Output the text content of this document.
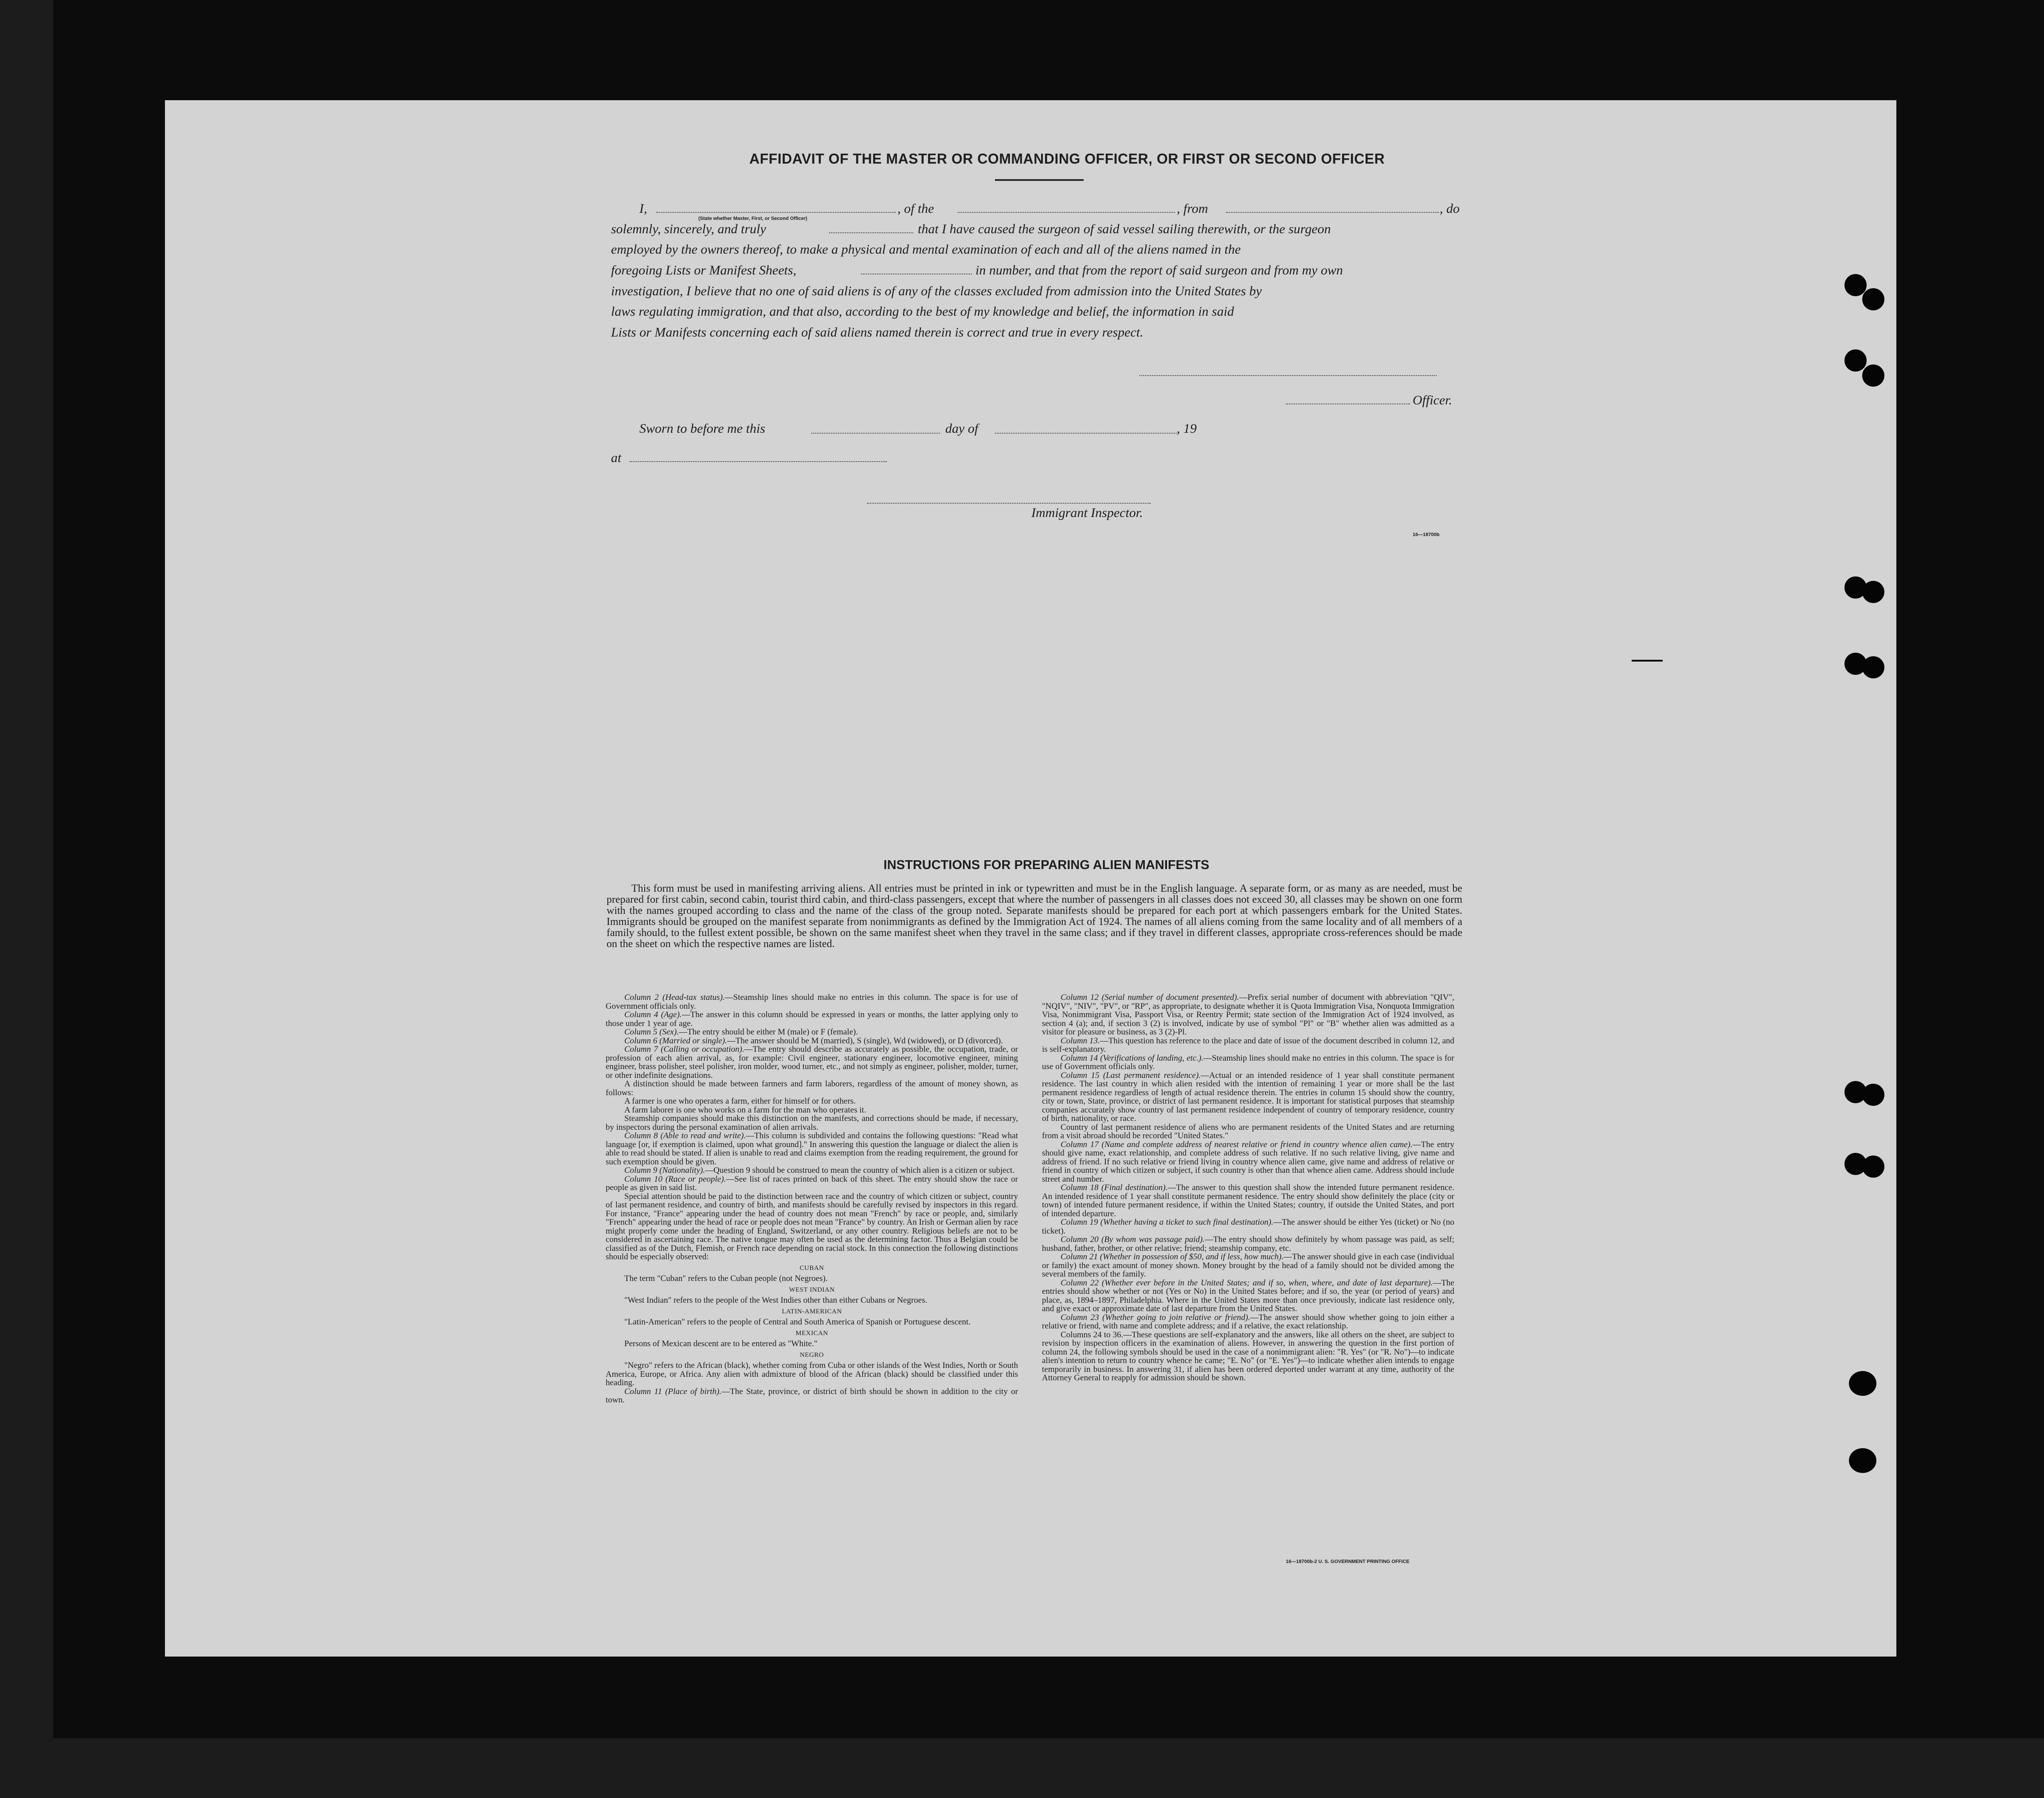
AFFIDAVIT OF THE MASTER OR COMMANDING OFFICER, OR FIRST OR SECOND OFFICER
I,
(State whether Master, First, or Second Officer)
, of the	, from	, do
solemnly, sincerely, and truly	that I have caused the surgeon of said vessel sailing therewith, or the surgeon
employed by the owners thereof, to make a physical and mental examination of each and all of the aliens named in the
foregoing Lists or Manifest Sheets,	in number, and that from the report of said surgeon and from my own
investigation, I believe that no one of said aliens is of any of the classes excluded from admission into the United States by
laws regulating immigration, and that also, according to the best of my knowledge and belief, the information in said
Lists or Manifests concerning each of said aliens named therein is correct and true in every respect.
Officer.
Sworn to before me this	day of	, 19
at
Immigrant Inspector.
16—18700b
INSTRUCTIONS FOR PREPARING ALIEN MANIFESTS

This form must be used in manifesting arriving aliens. All entries must be printed in ink or typewritten and must be in the English language. A separate form, or as many as are needed, must be prepared for first cabin, second cabin, tourist third cabin, and third-class passengers, except that where the number of passengers in all classes does not exceed 30, all classes may be shown on one form with the names grouped according to class and the name of the class of the group noted. Separate manifests should be prepared for each port at which passengers embark for the United States. Immigrants should be grouped on the manifest separate from nonimmigrants as defined by the Immigration Act of 1924. The names of all aliens coming from the same locality and of all members of a family should, to the fullest extent possible, be shown on the same manifest sheet when they travel in the same class; and if they travel in different classes, appropriate cross-references should be made on the sheet on which the respective names are listed.

Column 2 (Head-tax status).—Steamship lines should make no entries in this column. The space is for use of Government officials only.

Column 4 (Age).—The answer in this column should be expressed in years or months, the latter applying only to those under 1 year of age.

Column 5 (Sex).—The entry should be either M (male) or F (female).

Column 6 (Married or single).—The answer should be M (married), S (single), Wd (widowed), or D (divorced).

Column 7 (Calling or occupation).—The entry should describe as accurately as possible, the occupation, trade, or profession of each alien arrival, as, for example: Civil engineer, stationary engineer, locomotive engineer, mining engineer, brass polisher, steel polisher, iron molder, wood turner, etc., and not simply as engineer, polisher, molder, turner, or other indefinite designations.

A distinction should be made between farmers and farm laborers, regardless of the amount of money shown, as follows:

A farmer is one who operates a farm, either for himself or for others.

A farm laborer is one who works on a farm for the man who operates it.

Steamship companies should make this distinction on the manifests, and corrections should be made, if necessary, by inspectors during the personal examination of alien arrivals.

Column 8 (Able to read and write).—This column is subdivided and contains the following questions: "Read what language [or, if exemption is claimed, upon what ground]." In answering this question the language or dialect the alien is able to read should be stated. If alien is unable to read and claims exemption from the reading requirement, the ground for such exemption should be given.

Column 9 (Nationality).—Question 9 should be construed to mean the country of which alien is a citizen or subject.

Column 10 (Race or people).—See list of races printed on back of this sheet. The entry should show the race or people as given in said list.

Special attention should be paid to the distinction between race and the country of which citizen or subject, country of last permanent residence, and country of birth, and manifests should be carefully revised by inspectors in this regard. For instance, "France" appearing under the head of country does not mean "French" by race or people, and, similarly "French" appearing under the head of race or people does not mean "France" by country. An Irish or German alien by race might properly come under the heading of England, Switzerland, or any other country. Religious beliefs are not to be considered in ascertaining race. The native tongue may often be used as the determining factor. Thus a Belgian could be classified as of the Dutch, Flemish, or French race depending on racial stock. In this connection the following distinctions should be especially observed:

CUBAN

The term "Cuban" refers to the Cuban people (not Negroes).

WEST INDIAN

"West Indian" refers to the people of the West Indies other than either Cubans or Negroes.

LATIN-AMERICAN

"Latin-American" refers to the people of Central and South America of Spanish or Portuguese descent.

MEXICAN

Persons of Mexican descent are to be entered as "White."

NEGRO

"Negro" refers to the African (black), whether coming from Cuba or other islands of the West Indies, North or South America, Europe, or Africa. Any alien with admixture of blood of the African (black) should be classified under this heading.

Column 11 (Place of birth).—The State, province, or district of birth should be shown in addition to the city or town.

Column 12 (Serial number of document presented).—Prefix serial number of document with abbreviation "QIV", "NQIV", "NIV", "PV", or "RP", as appropriate, to designate whether it is Quota Immigration Visa, Nonquota Immigration Visa, Nonimmigrant Visa, Passport Visa, or Reentry Permit; state section of the Immigration Act of 1924 involved, as section 4 (a); and, if section 3 (2) is involved, indicate by use of symbol "Pl" or "B" whether alien was admitted as a visitor for pleasure or business, as 3 (2)-Pl.

Column 13.—This question has reference to the place and date of issue of the document described in column 12, and is self-explanatory.

Column 14 (Verifications of landing, etc.).—Steamship lines should make no entries in this column. The space is for use of Government officials only.

Column 15 (Last permanent residence).—Actual or an intended residence of 1 year shall constitute permanent residence. The last country in which alien resided with the intention of remaining 1 year or more shall be the last permanent residence regardless of length of actual residence therein. The entries in column 15 should show the country, city or town, State, province, or district of last permanent residence. It is important for statistical purposes that steamship companies accurately show country of last permanent residence independent of country of temporary residence, country of birth, nationality, or race.

Country of last permanent residence of aliens who are permanent residents of the United States and are returning from a visit abroad should be recorded "United States."

Column 17 (Name and complete address of nearest relative or friend in country whence alien came).—The entry should give name, exact relationship, and complete address of such relative. If no such relative living, give name and address of friend. If no such relative or friend living in country whence alien came, give name and address of relative or friend in country of which citizen or subject, if such country is other than that whence alien came. Address should include street and number.

Column 18 (Final destination).—The answer to this question shall show the intended future permanent residence. An intended residence of 1 year shall constitute permanent residence. The entry should show definitely the place (city or town) of intended future permanent residence, if within the United States; country, if outside the United States, and port of intended departure.

Column 19 (Whether having a ticket to such final destination).—The answer should be either Yes (ticket) or No (no ticket).

Column 20 (By whom was passage paid).—The entry should show definitely by whom passage was paid, as self; husband, father, brother, or other relative; friend; steamship company, etc.

Column 21 (Whether in possession of $50, and if less, how much).—The answer should give in each case (individual or family) the exact amount of money shown. Money brought by the head of a family should not be divided among the several members of the family.

Column 22 (Whether ever before in the United States; and if so, when, where, and date of last departure).—The entries should show whether or not (Yes or No) in the United States before; and if so, the year (or period of years) and place, as, 1894–1897, Philadelphia. Where in the United States more than once previously, indicate last residence only, and give exact or approximate date of last departure from the United States.

Column 23 (Whether going to join relative or friend).—The answer should show whether going to join either a relative or friend, with name and complete address; and if a relative, the exact relationship.

Columns 24 to 36.—These questions are self-explanatory and the answers, like all others on the sheet, are subject to revision by inspection officers in the examination of aliens. However, in answering the question in the first portion of column 24, the following symbols should be used in the case of a nonimmigrant alien: "R. Yes" (or "R. No")—to indicate alien's intention to return to country whence he came; "E. No" (or "E. Yes")—to indicate whether alien intends to engage temporarily in business. In answering 31, if alien has been ordered deported under warrant at any time, authority of the Attorney General to reapply for admission should be shown.

16—18700b-2 U. S. GOVERNMENT PRINTING OFFICE
